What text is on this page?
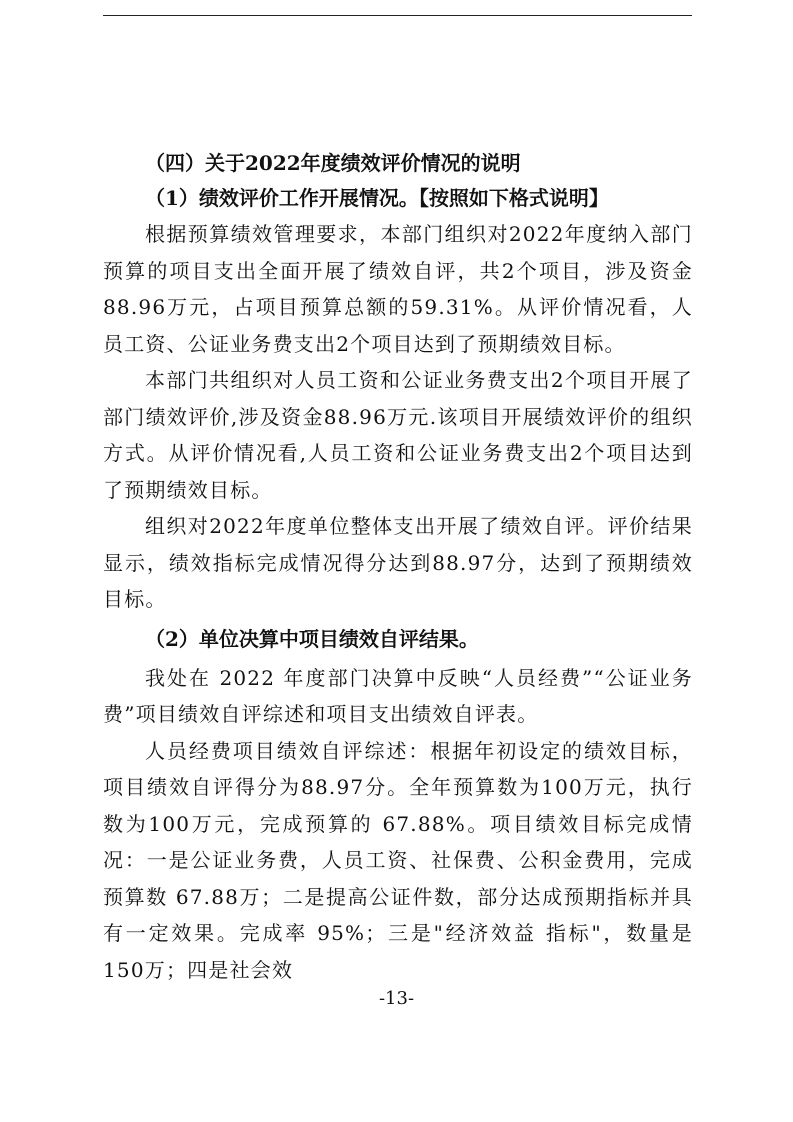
（四）关于2022年度绩效评价情况的说明

（1）绩效评价工作开展情况。【按照如下格式说明】

根据预算绩效管理要求，本部门组织对2022年度纳入部门预算的项目支出全面开展了绩效自评，共2个项目，涉及资金88.96万元，占项目预算总额的59.31%。从评价情况看，人员工资、公证业务费支出2个项目达到了预期绩效目标。

本部门共组织对人员工资和公证业务费支出2个项目开展了部门绩效评价,涉及资金88.96万元.该项目开展绩效评价的组织方式。从评价情况看,人员工资和公证业务费支出2个项目达到了预期绩效目标。

组织对2022年度单位整体支出开展了绩效自评。评价结果显示，绩效指标完成情况得分达到88.97分，达到了预期绩效目标。

（2）单位决算中项目绩效自评结果。

我处在 2022 年度部门决算中反映“人员经费”“公证业务费”项目绩效自评综述和项目支出绩效自评表。

人员经费项目绩效自评综述：根据年初设定的绩效目标，项目绩效自评得分为88.97分。全年预算数为100万元，执行数为100万元，完成预算的 67.88%。项目绩效目标完成情况：一是公证业务费，人员工资、社保费、公积金费用，完成预算数 67.88万；二是提高公证件数，部分达成预期指标并具有一定效果。完成率 95%；三是"经济效益 指标"，数量是 150万；四是社会效

-13-
